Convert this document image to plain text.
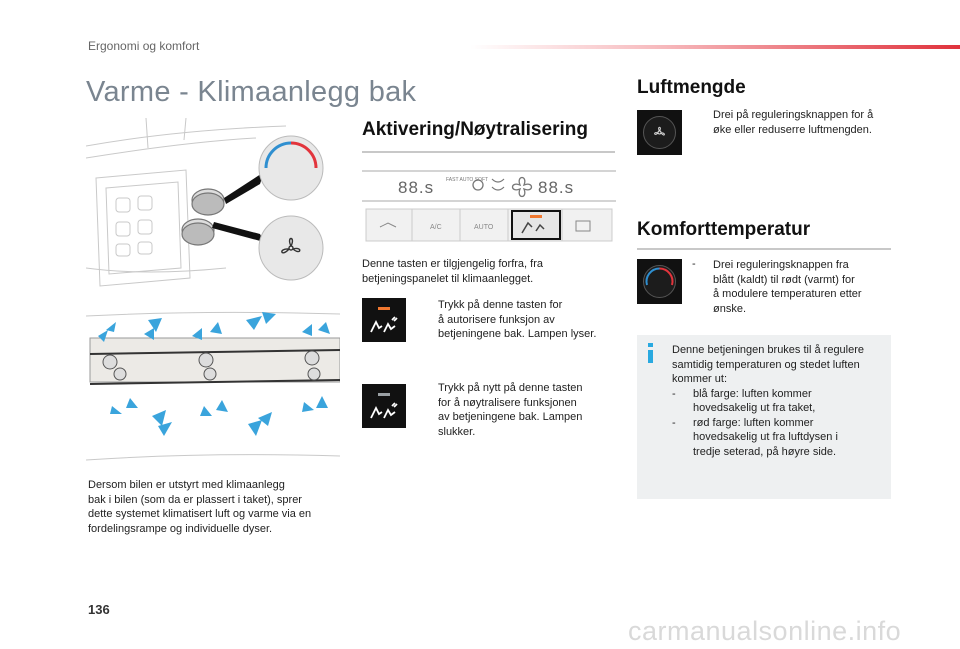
Ergonomi og komfort
Varme - Klimaanlegg bak
Dersom bilen er utstyrt med klimaanlegg
bak i bilen (som da er plassert i taket), sprer
dette systemet klimatisert luft og varme via en
fordelingsrampe og individuelle dyser.
Aktivering/Nøytralisering
88.s FAST AUTO SOFT	88.s
A/C	AUTO
Denne tasten er tilgjengelig forfra, fra
betjeningspanelet til klimaanlegget.
Trykk på denne tasten for
å autorisere funksjon av
betjeningene bak. Lampen lyser.
Trykk på nytt på denne tasten
for å nøytralisere funksjonen
av betjeningene bak. Lampen
slukker.
Luftmengde
Drei på reguleringsknappen for å
øke eller reduserre luftmengden.
Komforttemperatur
- Drei reguleringsknappen fra
blått (kaldt) til rødt (varmt) for
å modulere temperaturen etter
ønske.
Denne betjeningen brukes til å regulere
samtidig temperaturen og stedet luften
kommer ut:
- blå farge: luften kommer
hovedsakelig ut fra taket,
- rød farge: luften kommer
hovedsakelig ut fra luftdysen i
tredje seterad, på høyre side.
136
carmanualsonline.info
